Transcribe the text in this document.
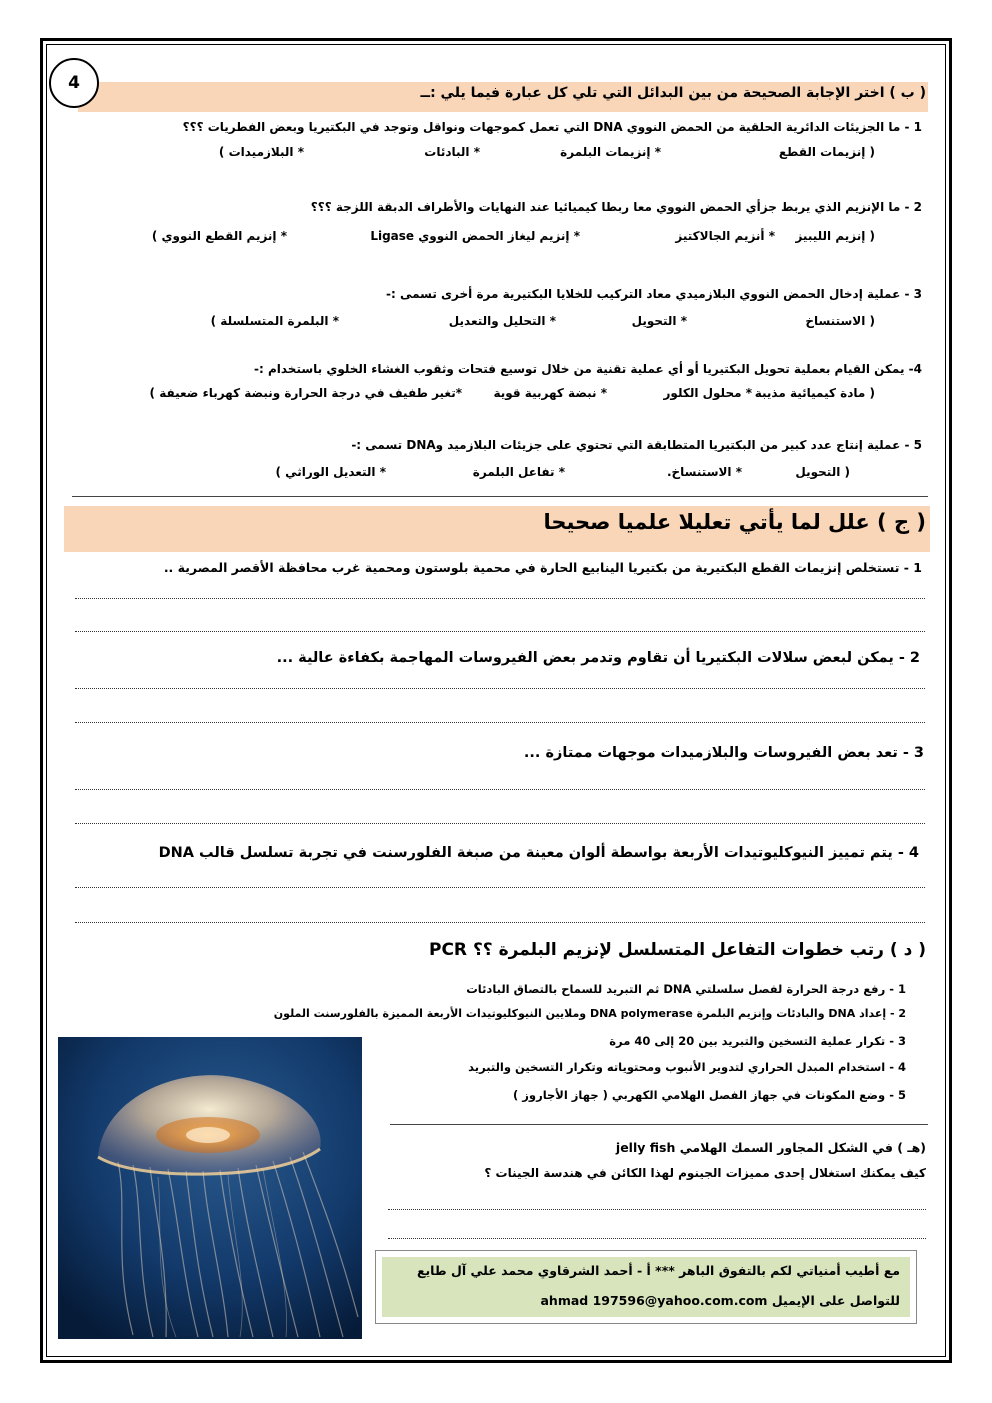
4	( ب ) اختر الإجابة الصحيحة من بين البدائل التي تلي كل عبارة فيما يلي :ــ
1 - ما الجزيئات الدائرية الحلقية من الحمض النووي DNA التي تعمل كموجهات ونواقل وتوجد في البكتيريا وبعض الفطريات ؟؟؟
( إنزيمات القطع
* إنزيمات البلمرة
* البادئات
* البلازميدات )
2 - ما الإنزيم الذي يربط جزأي الحمض النووي معا ربطا كيميائيا عند النهايات والأطراف الدبقة اللزجة ؟؟؟
( إنزيم الليبيز
* أنزيم الجالاكتيز
* إنزيم ليغاز الحمض النووي Ligase
* إنزيم القطع النووي )
3 - عملية إدخال الحمض النووي البلازميدي معاد التركيب للخلايا البكتيرية مرة أخرى تسمى :-
( الاستنساخ
* التحويل
* التحليل والتعديل
* البلمرة المتسلسلة )
4- يمكن القيام بعملية تحويل البكتيريا أو أي عملية تقنية من خلال توسيع فتحات وثقوب الغشاء الخلوي باستخدام :-
( مادة كيميائية مذيبة
* محلول الكلور
* نبضة كهربية قوية
*تغير طفيف في درجة الحرارة ونبضة كهرباء ضعيفة )
5 - عملية إنتاج عدد كبير من البكتيريا المتطابقة التي تحتوي على جزيئات البلازميد وDNA تسمى :-
( التحويل
* الاستنساخ.
* تفاعل البلمرة
* التعديل الوراثي )
( ج ) علل لما يأتي تعليلا علميا صحيحا
1 - تستخلص إنزيمات القطع البكتيرية من بكتيريا الينابيع الحارة في محمية بلوستون ومحمية غرب محافظة الأقصر المصرية ..
2 - يمكن لبعض سلالات البكتيريا أن تقاوم وتدمر بعض الفيروسات المهاجمة بكفاءة عالية ...
3 - تعد بعض الفيروسات والبلازميدات موجهات ممتازة ...
4 - يتم تمييز النيوكليوتيدات الأربعة بواسطة ألوان معينة من صبغة الفلورسنت في تجربة تسلسل قالب DNA
( د ) رتب خطوات التفاعل المتسلسل لإنزيم البلمرة ؟؟ PCR
1 - رفع درجة الحرارة لفصل سلسلتي DNA ثم التبريد للسماح بالتصاق البادئات
2 - إعداد DNA والبادئات وإنزيم البلمرة DNA polymerase وملايين النيوكليوتيدات الأربعة المميزة بالفلورسنت الملون
3 - تكرار عملية التسخين والتبريد بين 20 إلى 40 مرة
4 - استخدام المبدل الحراري لتدوير الأنبوب ومحتوياته وتكرار التسخين والتبريد
5 - وضع المكونات في جهاز الفصل الهلامي الكهربي ( جهاز الأجاروز )
(هـ ) في الشكل المجاور السمك الهلامي jelly fish
كيف يمكنك استغلال إحدى مميزات الجينوم لهذا الكائن في هندسة الجينات ؟
مع أطيب أمنياتي لكم بالتفوق الباهر *** أ - أحمد الشرقاوي محمد علي آل طايع
للتواصل على الإيميل ahmad 197596@yahoo.com.com
